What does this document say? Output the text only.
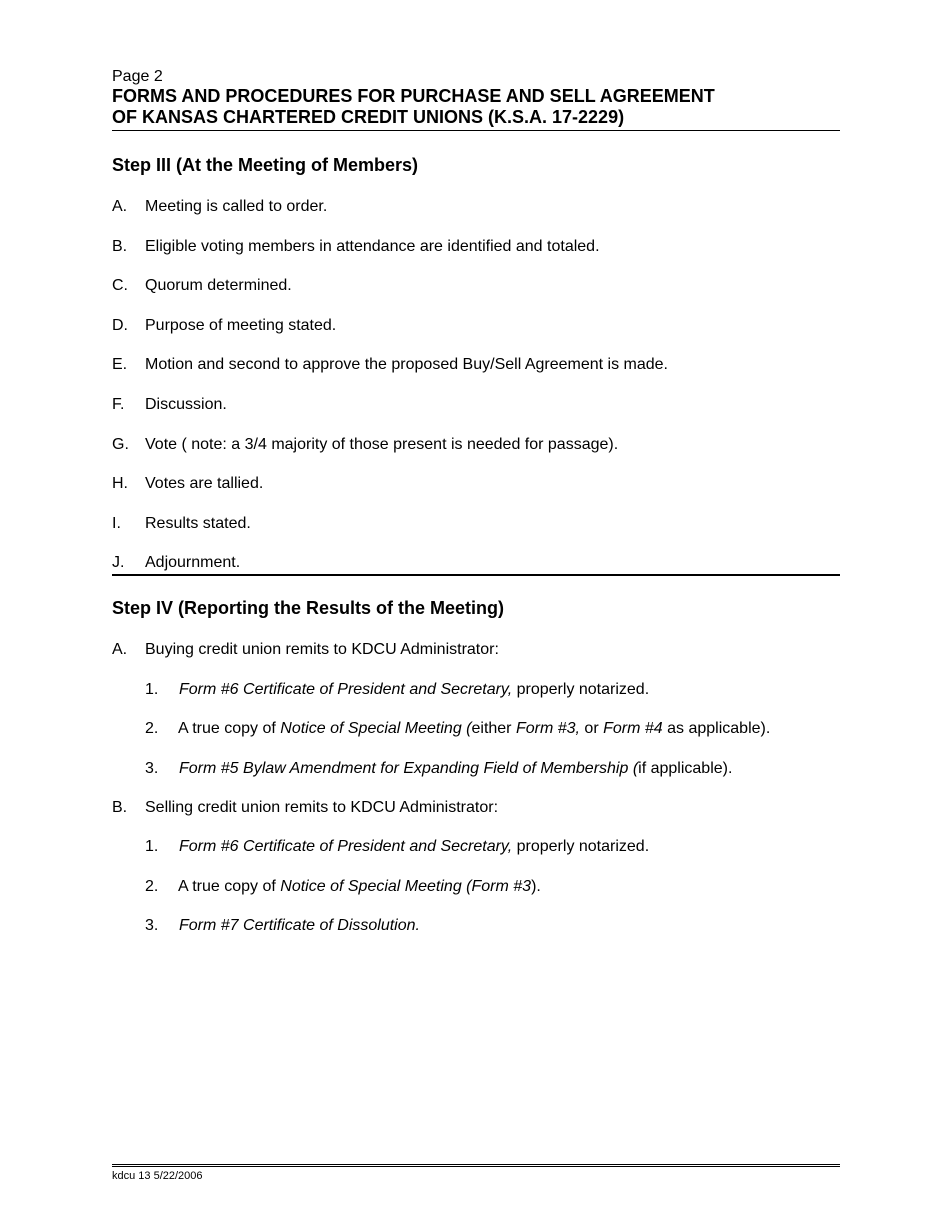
Page 2

FORMS AND PROCEDURES FOR PURCHASE AND SELL AGREEMENT

OF KANSAS CHARTERED CREDIT UNIONS (K.S.A. 17-2229)

Step III (At the Meeting of Members)
A. Meeting is called to order.
B. Eligible voting members in attendance are identified and totaled.
C. Quorum determined.
D. Purpose of meeting stated.
E. Motion and second to approve the proposed Buy/Sell Agreement is made.
F. Discussion.
G. Vote ( note: a 3/4 majority of those present is needed for passage).
H. Votes are tallied.
I. Results stated.
J. Adjournment.
Step IV (Reporting the Results of the Meeting)
A. Buying credit union remits to KDCU Administrator:
1. Form #6 Certificate of President and Secretary, properly notarized.
2. A true copy of Notice of Special Meeting (either Form #3, or Form #4 as applicable).
3. Form #5 Bylaw Amendment for Expanding Field of Membership (if applicable).
B. Selling credit union remits to KDCU Administrator:
1. Form #6 Certificate of President and Secretary, properly notarized.
2. A true copy of Notice of Special Meeting (Form #3).
3. Form #7 Certificate of Dissolution.
kdcu 13 5/22/2006
